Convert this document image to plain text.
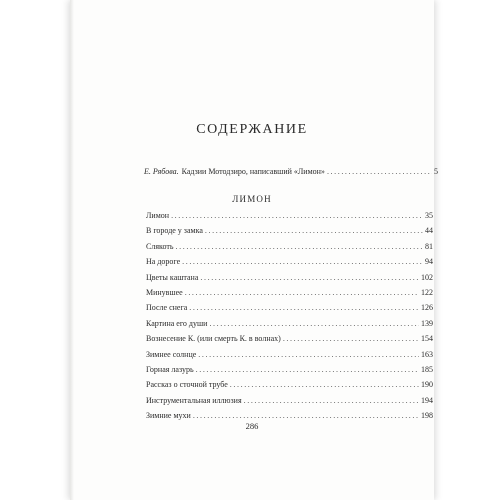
СОДЕРЖАНИЕ
Е. Рябова. Кадзии Мотодзиро, написавший «Лимон» .....	5
ЛИМОН
Лимон .....	35
В городе у замка .....	44
Слякоть .....	81
На дороге .....	94
Цветы каштана .....	102
Минувшее .....	122
После снега .....	126
Картина его души .....	139
Вознесение К. (или смерть К. в волнах) .....	154
Зимнее солнце .....	163
Горная лазурь .....	185
Рассказ о сточной трубе .....	190
Инструментальная иллюзия .....	194
Зимние мухи .....	198
286
